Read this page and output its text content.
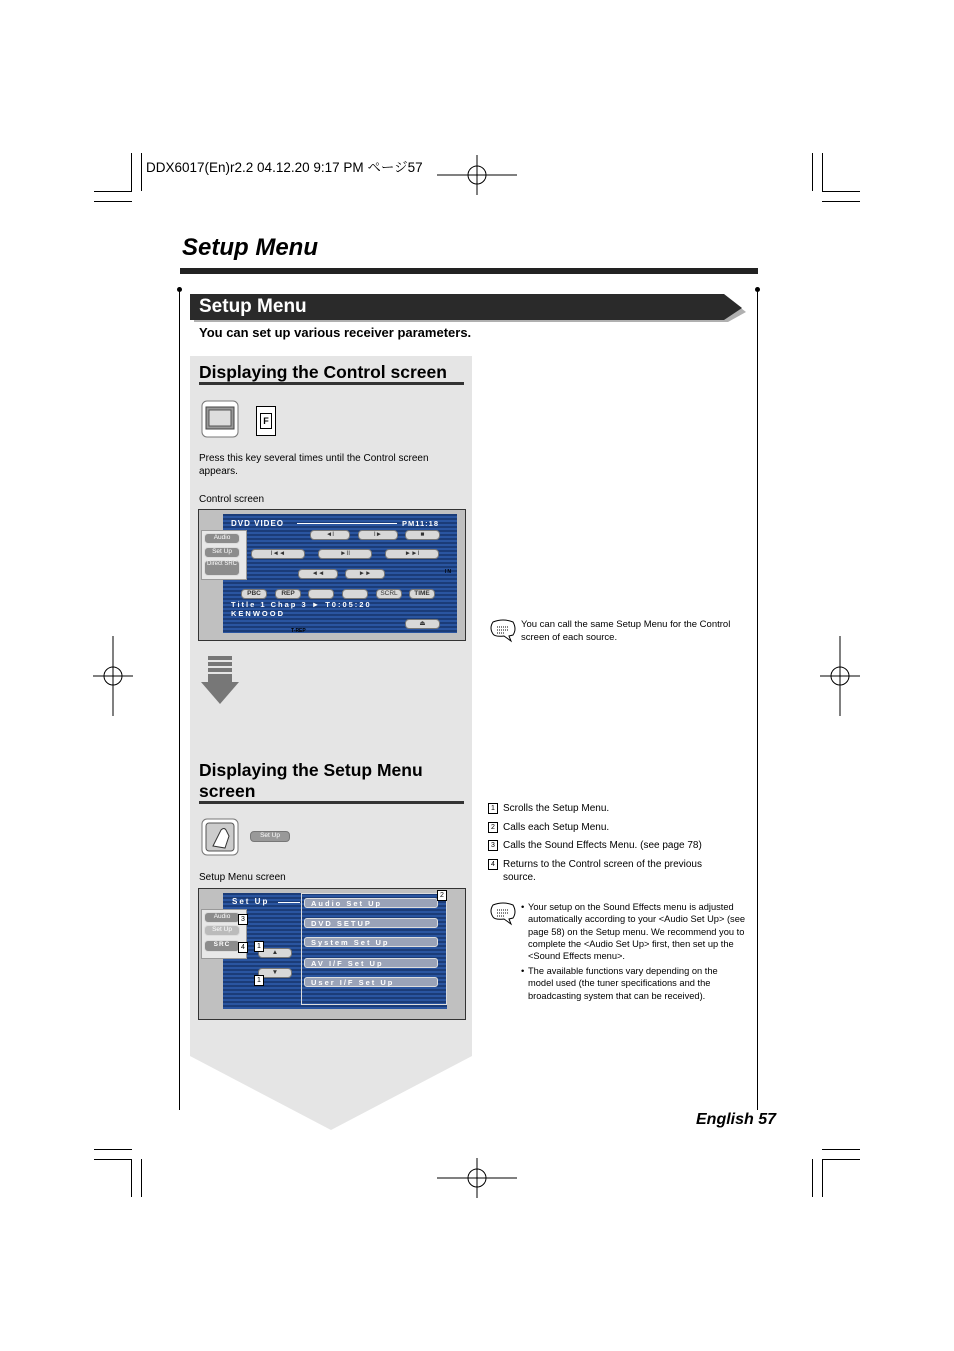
DDX6017(En)r2.2 04.12.20 9:17 PM ページ57
Setup Menu
Setup Menu
You can set up various receiver parameters.
Displaying the Control screen
F
Press this key several times until the Control screen appears.
Control screen
DVD VIDEO	PM11:18
Audio
Set Up
Direct SRC
◄I	I►	■
I◄◄	►II	►►I
◄◄	►►	IN
PBC	REP	SCRL	TIME
Title 1 Chap 3 ► T0:05:20
KENWOOD
⏏
T-REP
Displaying the Setup Menu screen
Set Up
Setup Menu screen
Set Up
Audio
Set Up
SRC
▲
▼
Audio Set Up
DVD SETUP
System Set Up
AV I/F Set Up
User I/F Set Up
2
3
4	1
1
You can call the same Setup Menu for the Control screen of each source.
1 Scrolls the Setup Menu.
2 Calls each Setup Menu.
3 Calls the Sound Effects Menu. (see page 78)
4 Returns to the Control screen of the previous source.
• Your setup on the Sound Effects menu is adjusted automatically according to your <Audio Set Up> (see page 58) on the Setup menu. We recommend you to complete the <Audio Set Up> first, then set up the <Sound Effects menu>.
• The available functions vary depending on the model used (the tuner specifications and the broadcasting system that can be received).
English 57
